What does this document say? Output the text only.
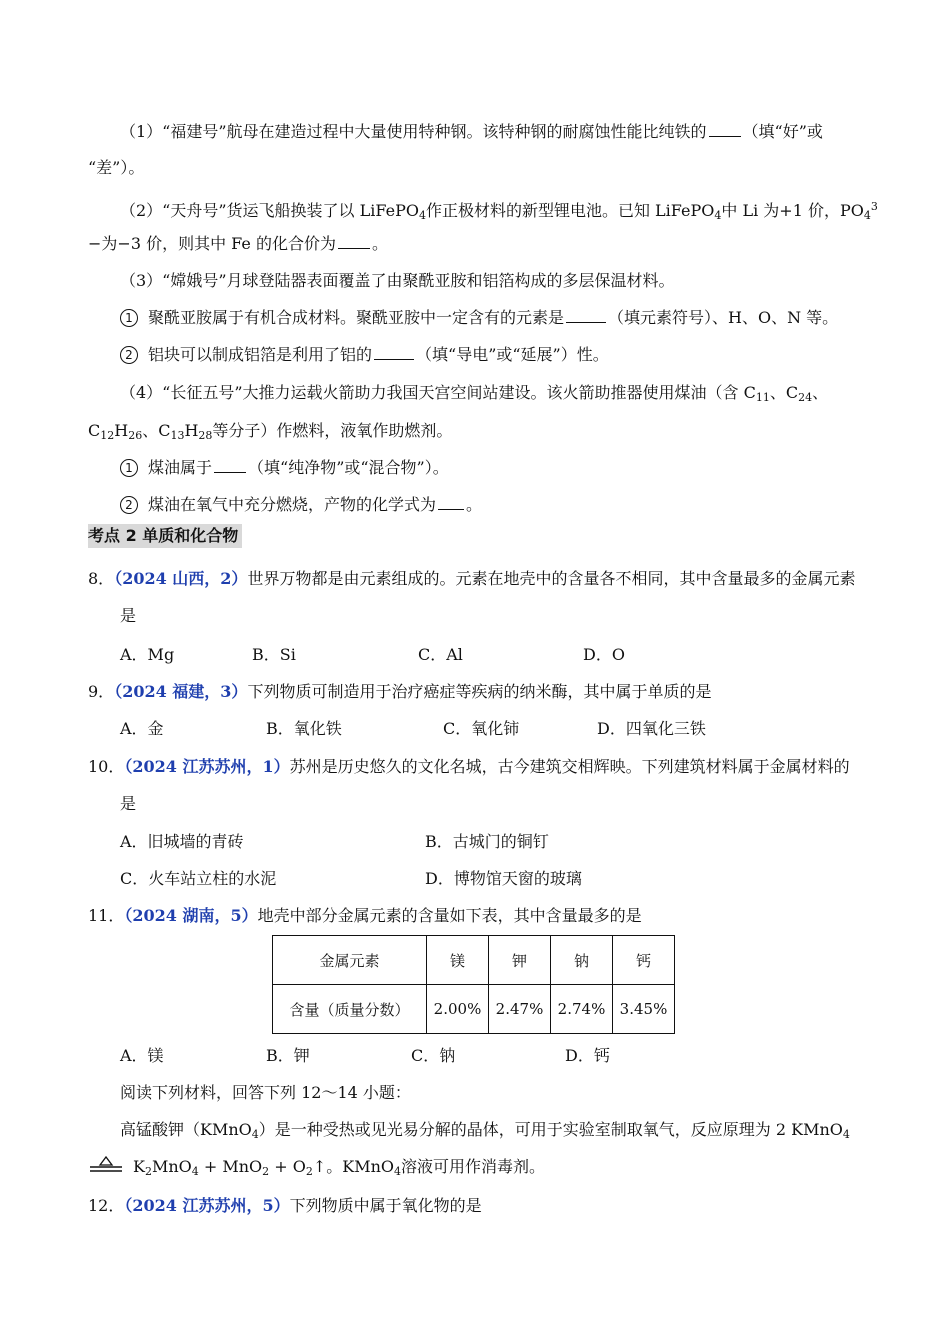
（1）“福建号”航母在建造过程中大量使用特种钢。该特种钢的耐腐蚀性能比纯铁的 （填“好”或
“差”）。
（2）“天舟号”货运飞船换装了以 LiFePO$_4$作正极材料的新型锂电池。已知 LiFePO$_4$中 Li 为+1 价，$PO_4^3$
−为−3 价，则其中 Fe 的化合价为 。
（3）“嫦娥号”月球登陆器表面覆盖了由聚酰亚胺和铝箔构成的多层保温材料。
1 聚酰亚胺属于有机合成材料。聚酰亚胺中一定含有的元素是	（填元素符号）、H、O、N 等。
2 铝块可以制成铝箔是利用了铝的	（填“导电”或“延展”）性。
（4）“长征五号”大推力运载火箭助力我国天宫空间站建设。该火箭助推器使用煤油（含 $C_{11}$、$C_{24}$、
$C_{12}H_{26}$、$C_{13}H_{28}$等分子）作燃料，液氧作助燃剂。
1 煤油属于 （填“纯净物”或“混合物”）。
2 煤油在氧气中充分燃烧，产物的化学式为 。
考点 2 单质和化合物
8．（2024 山西，2）世界万物都是由元素组成的。元素在地壳中的含量各不相同，其中含量最多的金属元素
是
A．Mg	B．Si	C．Al	D．O
9．（2024 福建，3）下列物质可制造用于治疗癌症等疾病的纳米酶，其中属于单质的是
A．金	B．氧化铁	C．氧化铈	D．四氧化三铁
10．（2024 江苏苏州，1）苏州是历史悠久的文化名城，古今建筑交相辉映。下列建筑材料属于金属材料的
是
A．旧城墙的青砖	B．古城门的铜钉
C．火车站立柱的水泥	D．博物馆天窗的玻璃
11．（2024 湖南，5）地壳中部分金属元素的含量如下表，其中含量最多的是
金属元素	镁	钾	钠	钙
含量（质量分数）	2.00%	2.47%	2.74%	3.45%
A．镁	B．钾	C．钠	D．钙
阅读下列材料，回答下列 12～14 小题：
高锰酸钾（KMnO$_4$）是一种受热或见光易分解的晶体，可用于实验室制取氧气，反应原理为 2 KMnO$_4$
$K_2MnO_4 + MnO_2$ + $O_2↑$。KMnO$_4$溶液可用作消毒剂。
12．（2024 江苏苏州，5）下列物质中属于氧化物的是
